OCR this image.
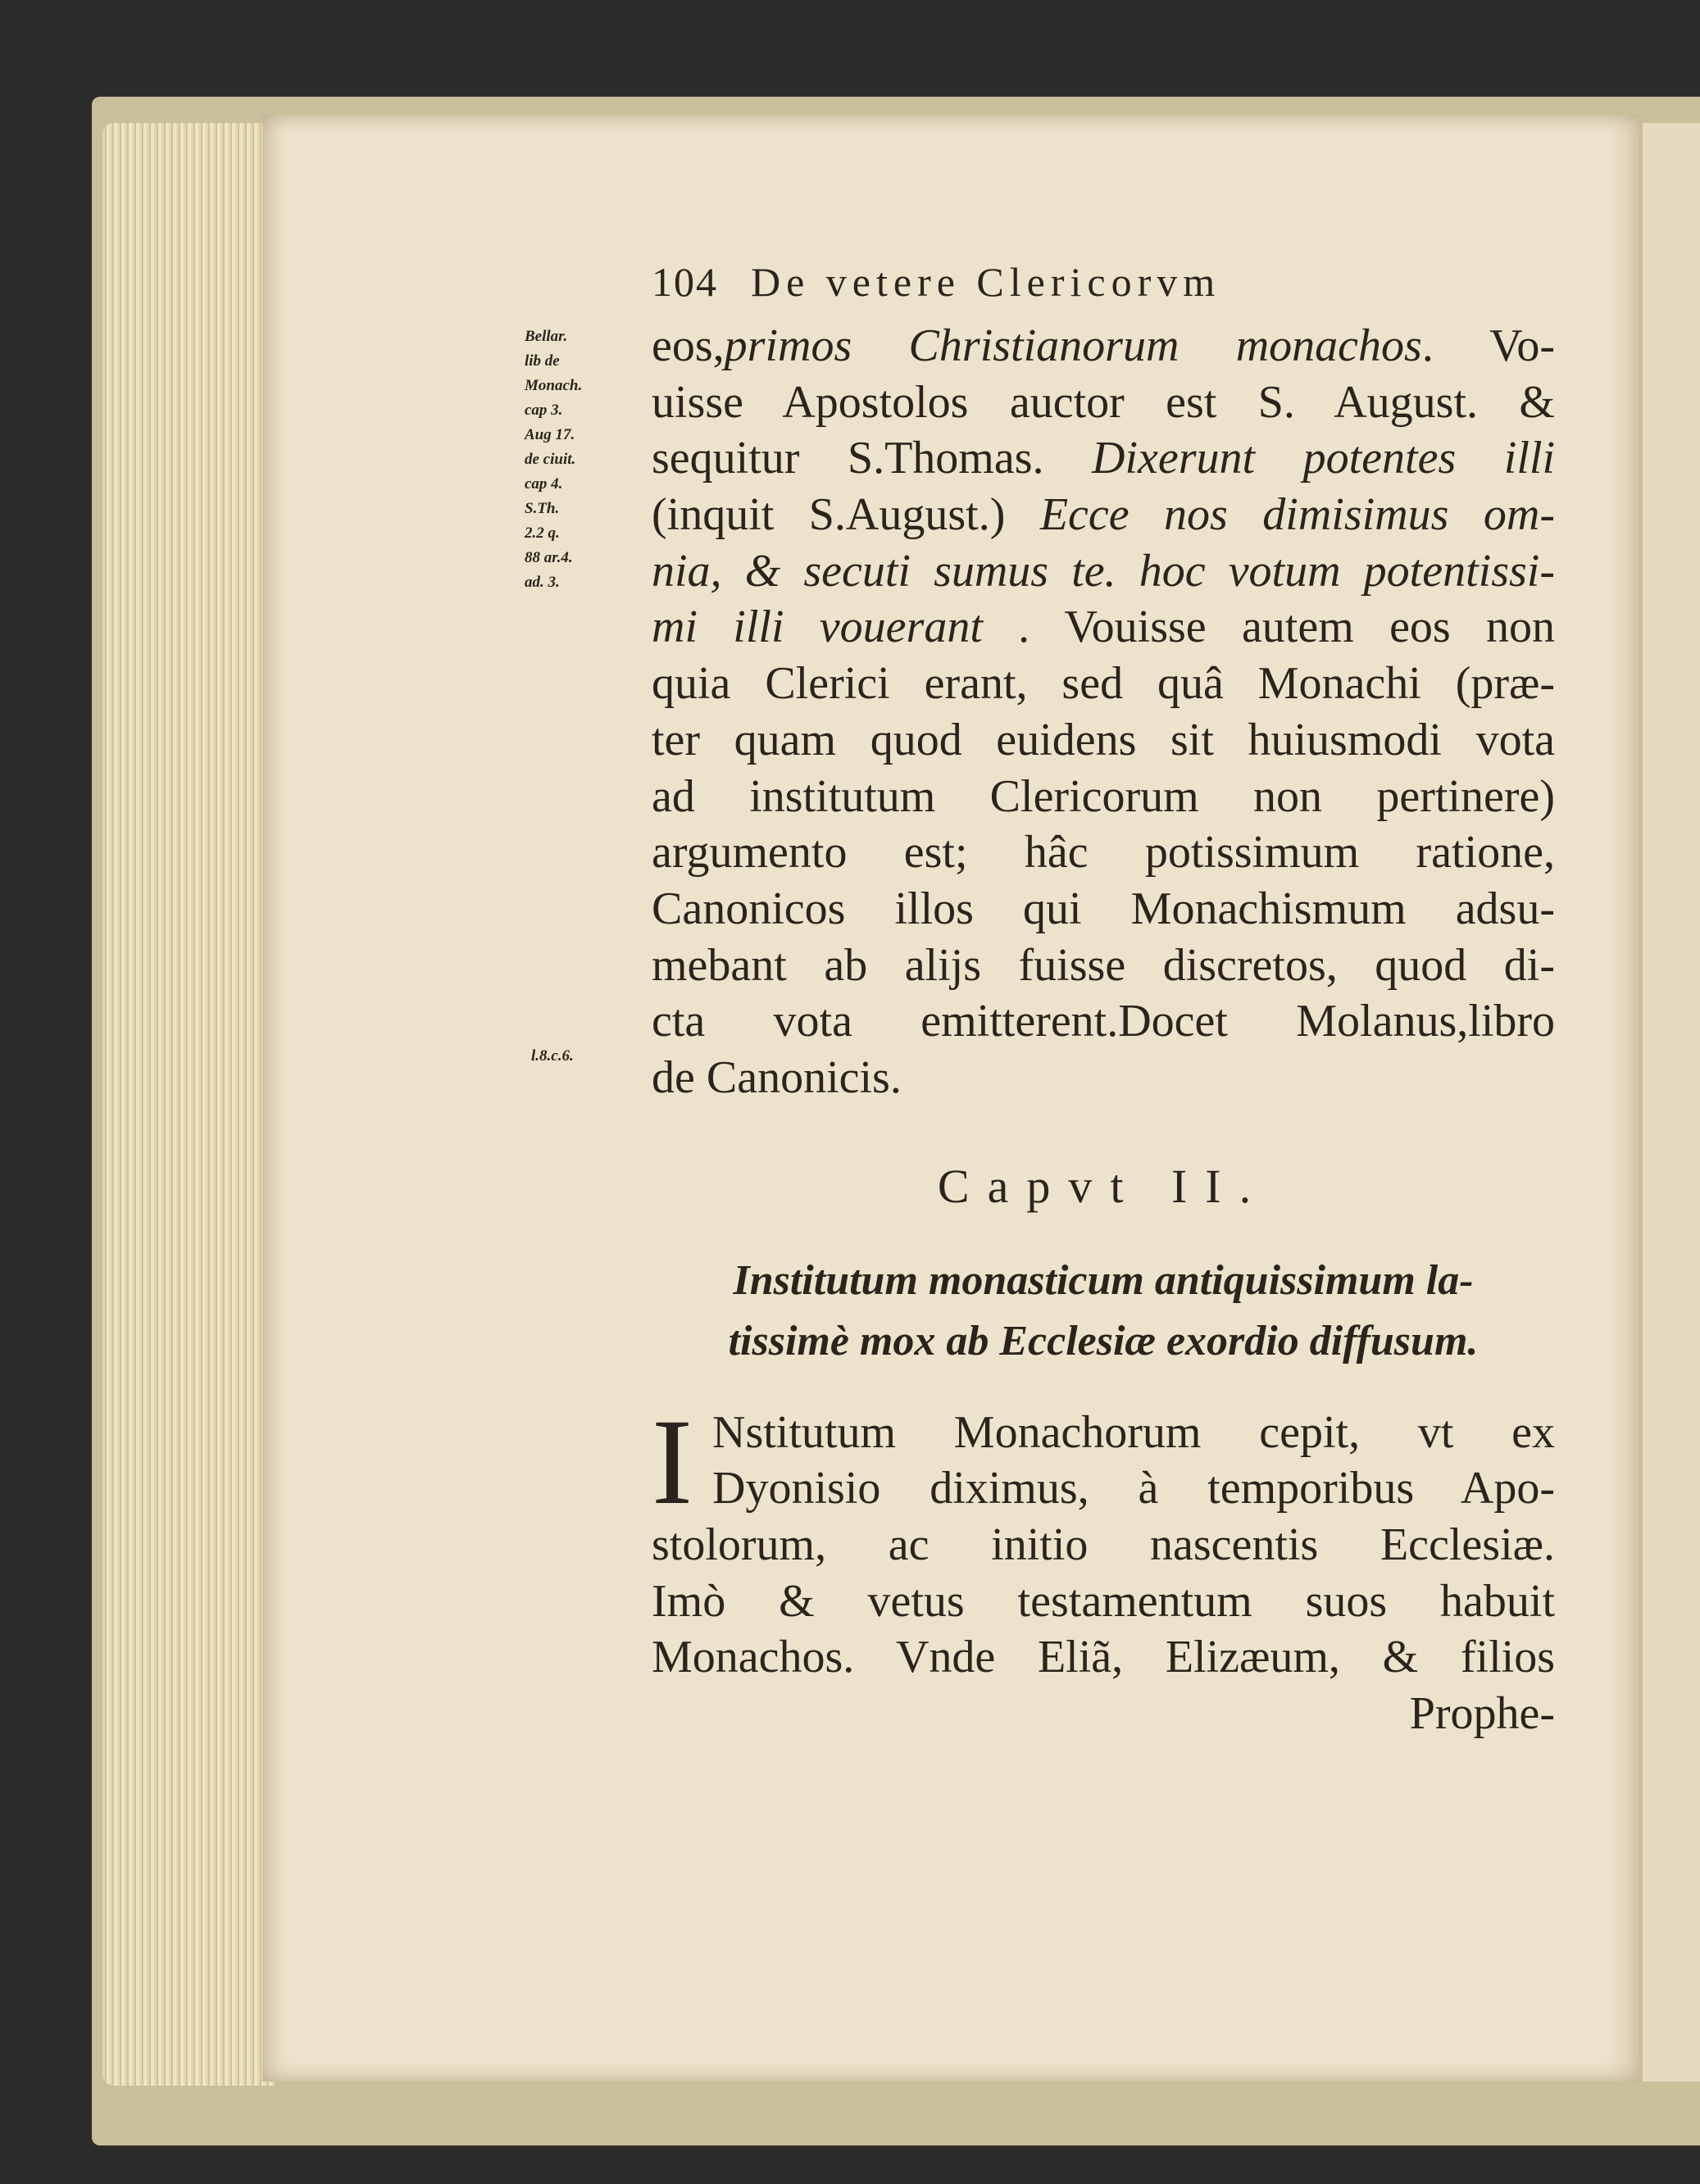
Bellar.
lib de
Monach.
cap 3.
Aug 17.
de ciuit.
cap 4.
S.Th.
2.2 q.
88 ar.4.
ad. 3.
l.8.c.6.
104 De vetere Clericorvm
eos,primos Christianorum monachos. Vo-
uisse Apostolos auctor est S. August. &
sequitur S.Thomas. Dixerunt potentes illi
(inquit S.August.) Ecce nos dimisimus om-
nia, & secuti sumus te. hoc votum potentissi-
mi illi vouerant . Vouisse autem eos non
quia Clerici erant, sed quâ Monachi (præ-
ter quam quod euidens sit huiusmodi vota
ad institutum Clericorum non pertinere)
argumento est; hâc potissimum ratione,
Canonicos illos qui Monachismum adsu-
mebant ab alijs fuisse discretos, quod di-
cta vota emitterent.Docet Molanus,libro
de Canonicis.
Capvt II.
Institutum monasticum antiquissimum la-
tissimè mox ab Ecclesiæ exordio diffusum.
I Nstitutum Monachorum cepit, vt ex
Dyonisio diximus, à temporibus Apo-
stolorum, ac initio nascentis Ecclesiæ.
Imò & vetus testamentum suos habuit
Monachos. Vnde Eliã, Elizæum, & filios
Prophe-
